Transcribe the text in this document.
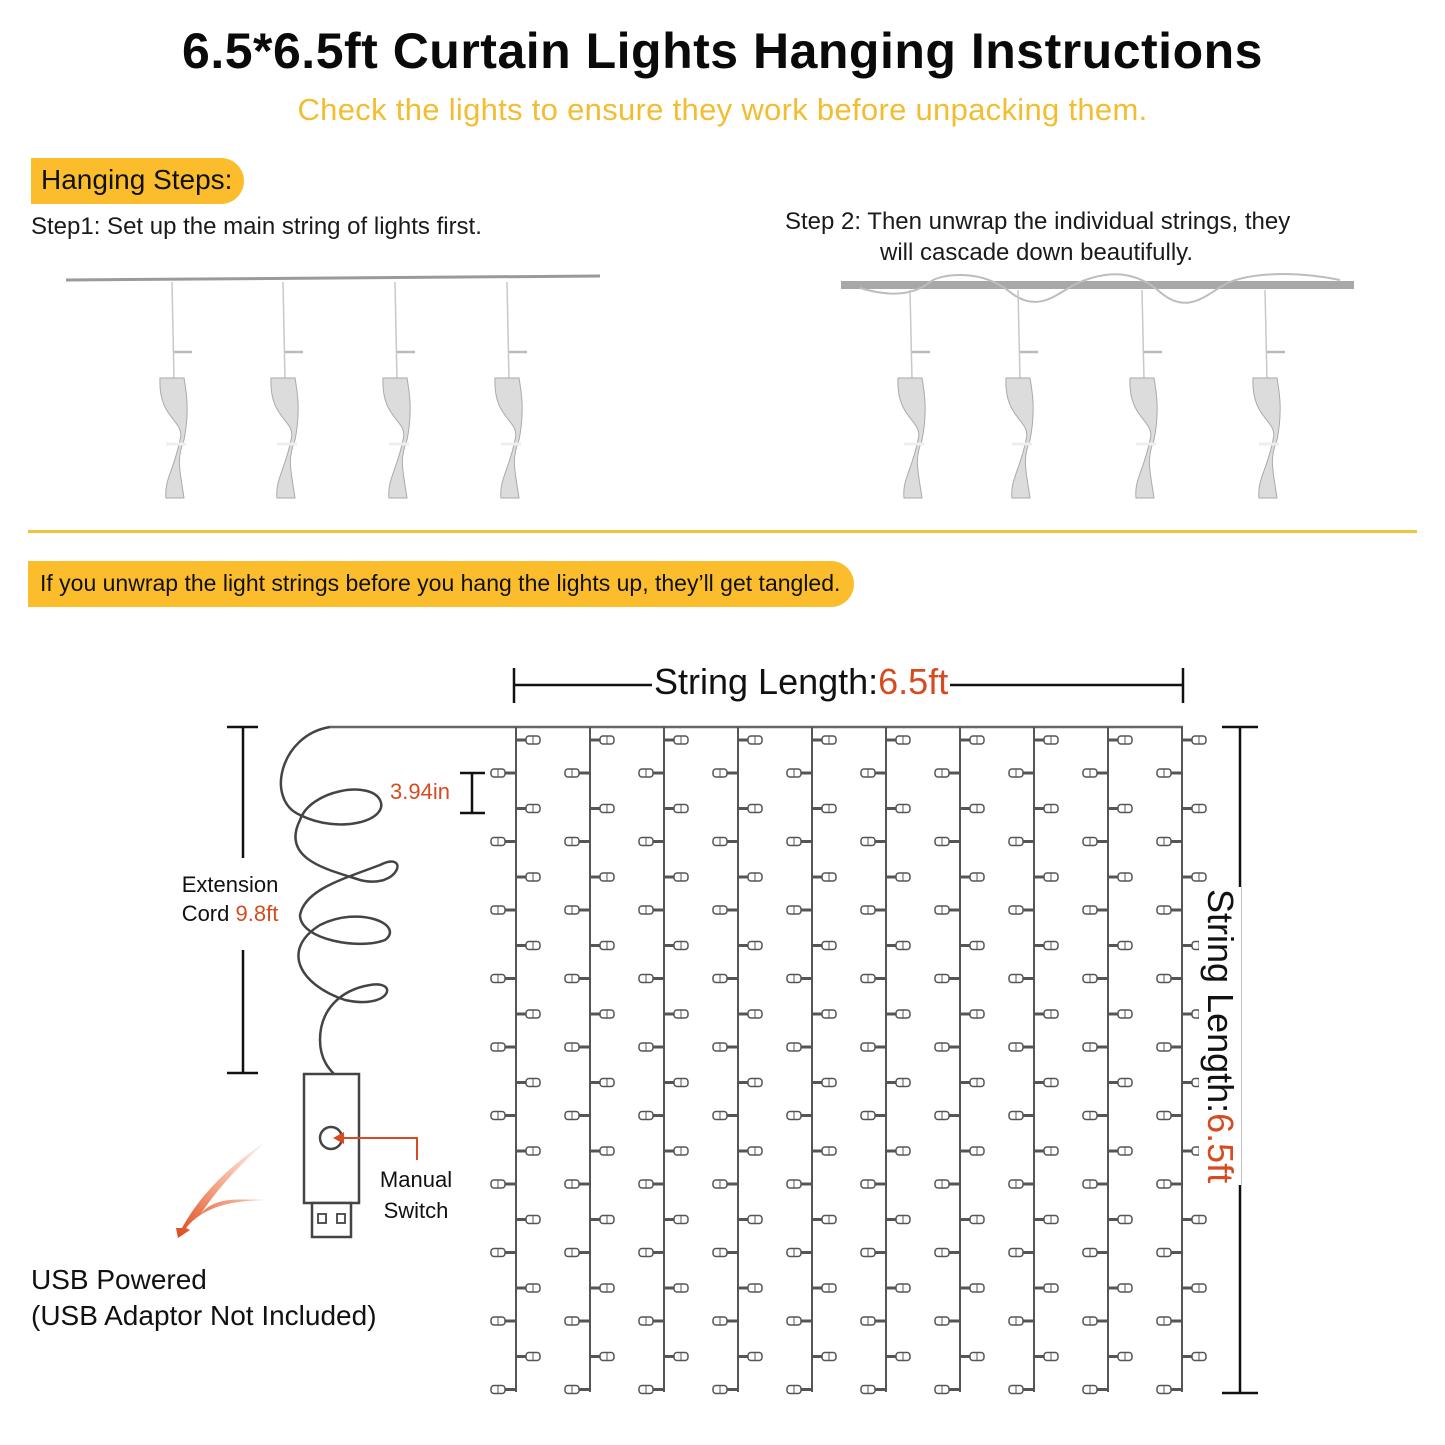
6.5*6.5ft Curtain Lights Hanging Instructions
Check the lights to ensure they work before unpacking them.
Hanging Steps:
Step1: Set up the main string of lights first.	Step 2: Then unwrap the individual strings, they
will cascade down beautifully.
If you unwrap the light strings before you hang the lights up, they’ll get tangled.
String Length:6.5ft
String Length:6.5ft
3.94in
Extension
Cord 9.8ft
Manual
Switch
USB Powered
(USB Adaptor Not Included)
